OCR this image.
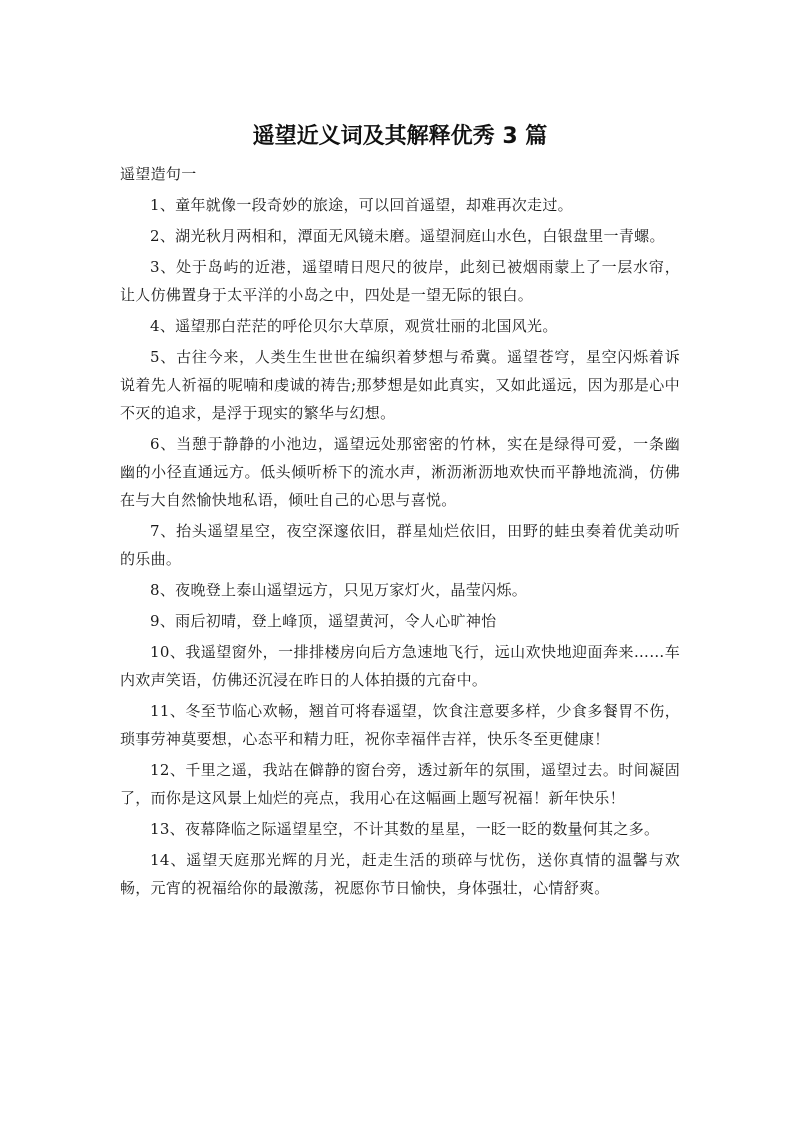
遥望近义词及其解释优秀 3 篇

遥望造句一

1、童年就像一段奇妙的旅途，可以回首遥望，却难再次走过。

2、湖光秋月两相和，潭面无风镜未磨。遥望洞庭山水色，白银盘里一青螺。

3、处于岛屿的近港，遥望晴日咫尺的彼岸，此刻已被烟雨蒙上了一层水帘，让人仿佛置身于太平洋的小岛之中，四处是一望无际的银白。

4、遥望那白茫茫的呼伦贝尔大草原，观赏壮丽的北国风光。

5、古往今来，人类生生世世在编织着梦想与希冀。遥望苍穹，星空闪烁着诉说着先人祈福的呢喃和虔诚的祷告;那梦想是如此真实，又如此遥远，因为那是心中不灭的追求，是浮于现实的繁华与幻想。

6、当憩于静静的小池边，遥望远处那密密的竹林，实在是绿得可爱，一条幽幽的小径直通远方。低头倾听桥下的流水声，淅沥淅沥地欢快而平静地流淌，仿佛在与大自然愉快地私语，倾吐自己的心思与喜悦。

7、抬头遥望星空，夜空深邃依旧，群星灿烂依旧，田野的蛙虫奏着优美动听的乐曲。

8、夜晚登上泰山遥望远方，只见万家灯火，晶莹闪烁。

9、雨后初晴，登上峰顶，遥望黄河，令人心旷神怡

10、我遥望窗外，一排排楼房向后方急速地飞行，远山欢快地迎面奔来……车内欢声笑语，仿佛还沉浸在昨日的人体拍摄的亢奋中。

11、冬至节临心欢畅，翘首可将春遥望，饮食注意要多样，少食多餐胃不伤，琐事劳神莫要想，心态平和精力旺，祝你幸福伴吉祥，快乐冬至更健康！

12、千里之遥，我站在僻静的窗台旁，透过新年的氛围，遥望过去。时间凝固了，而你是这风景上灿烂的亮点，我用心在这幅画上题写祝福！新年快乐！

13、夜幕降临之际遥望星空，不计其数的星星，一眨一眨的数量何其之多。

14、遥望天庭那光辉的月光，赶走生活的琐碎与忧伤，送你真情的温馨与欢畅，元宵的祝福给你的最激荡，祝愿你节日愉快，身体强壮，心情舒爽。
